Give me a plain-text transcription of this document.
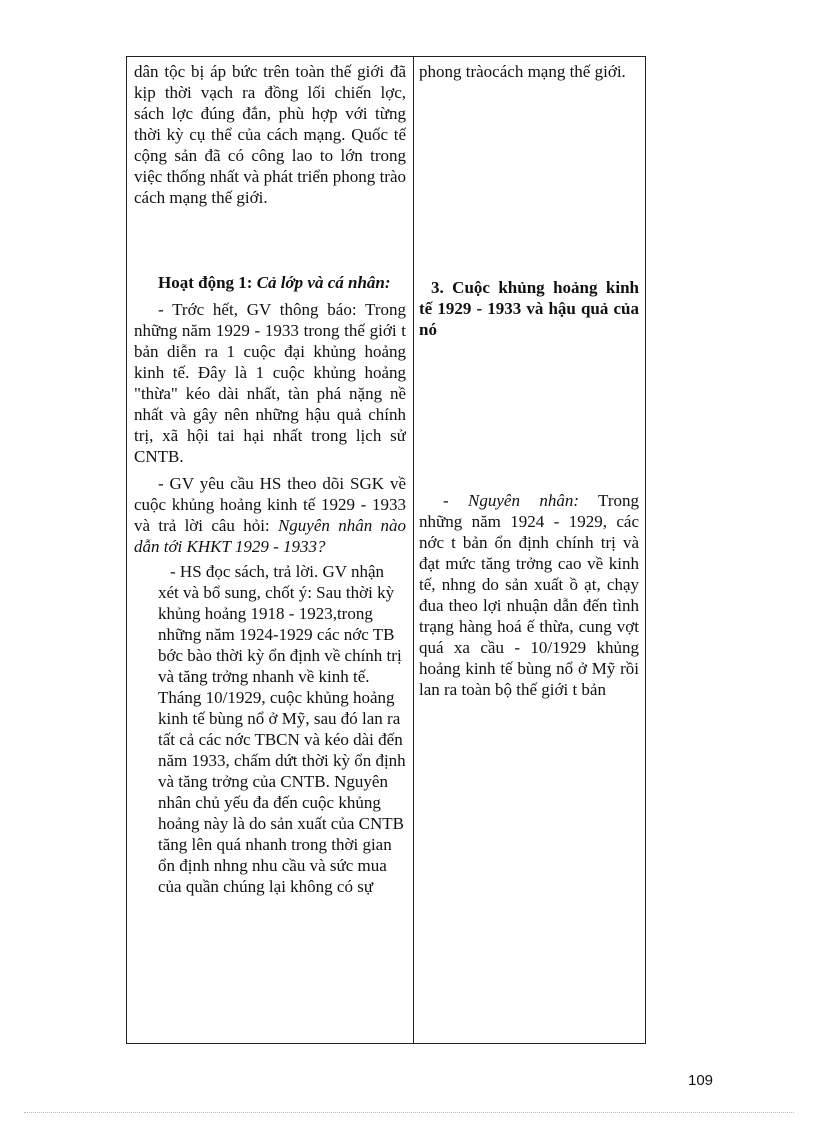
dân tộc bị áp bức trên toàn thế giới đã kịp thời vạch ra đồng lối chiến lợc, sách lợc đúng đắn, phù hợp với từng thời kỳ cụ thể của cách mạng. Quốc tế cộng sản đã có công lao to lớn trong việc thống nhất và phát triển phong trào cách mạng thế giới.

Hoạt động 1: Cả lớp và cá nhân:

- Trớc hết, GV thông báo: Trong những năm 1929 - 1933 trong thế giới t bản diễn ra 1 cuộc đại khủng hoảng kinh tế. Đây là 1 cuộc khủng hoảng "thừa" kéo dài nhất, tàn phá nặng nề nhất và gây nên những hậu quả chính trị, xã hội tai hại nhất trong lịch sử CNTB.

- GV yêu cầu HS theo dõi SGK về cuộc khủng hoảng kinh tế 1929 - 1933 và trả lời câu hỏi: Nguyên nhân nào dẫn tới KHKT 1929 - 1933?

- HS đọc sách, trả lời. GV nhận xét và bổ sung, chốt ý: Sau thời kỳ khủng hoảng 1918 - 1923,trong những năm 1924-1929 các nớc TB bớc bào thời kỳ ổn định về chính trị và tăng trởng nhanh về kinh tế. Tháng 10/1929, cuộc khủng hoảng kinh tế bùng nổ ở Mỹ, sau đó lan ra tất cả các nớc TBCN và kéo dài đến năm 1933, chấm dứt thời kỳ ổn định và tăng trởng của CNTB. Nguyên nhân chủ yếu đa đến cuộc khủng hoảng này là do sản xuất của CNTB tăng lên quá nhanh trong thời gian ổn định nhng nhu cầu và sức mua của quần chúng lại không có sự

phong tràocách mạng thế giới.

3. Cuộc khủng hoảng kinh tế 1929 - 1933 và hậu quả của nó

- Nguyên nhân: Trong những năm 1924 - 1929, các nớc t bản ổn định chính trị và đạt mức tăng trởng cao về kinh tế, nhng do sản xuất ồ ạt, chạy đua theo lợi nhuận dẫn đến tình trạng hàng hoá ế thừa, cung vợt quá xa cầu - 10/1929 khủng hoảng kinh tế bùng nổ ở Mỹ rồi lan ra toàn bộ thế giới t bản

109
